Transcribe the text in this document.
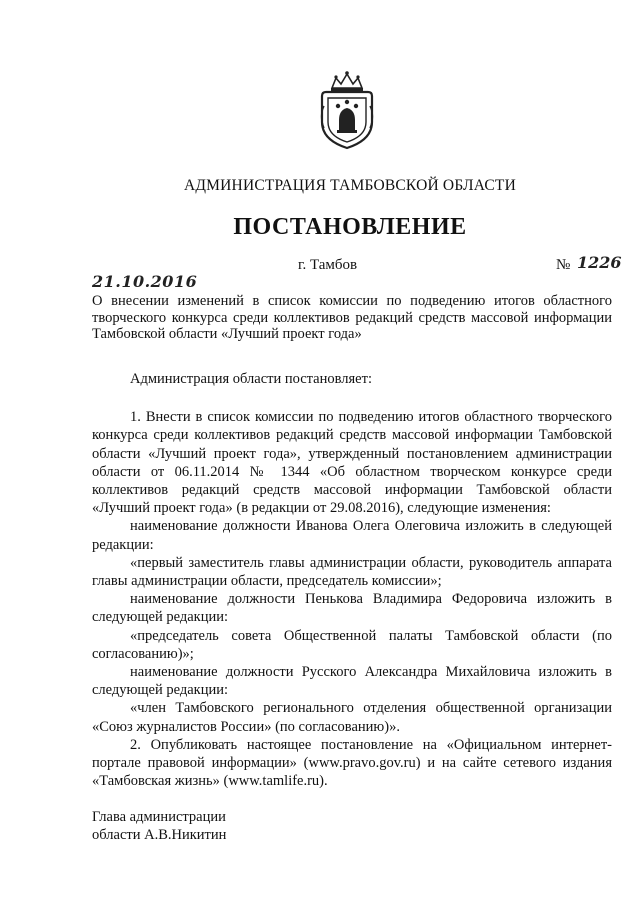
АДМИНИСТРАЦИЯ ТАМБОВСКОЙ ОБЛАСТИ
ПОСТАНОВЛЕНИЕ
г. Тамбов	№ 1226
21.10.2016
О внесении изменений в список комиссии по подведению итогов областного творческого конкурса среди коллективов редакций средств массовой информации Тамбовской области «Лучший проект года»

Администрация области постановляет:

1. Внести в список комиссии по подведению итогов областного творческого конкурса среди коллективов редакций средств массовой информации Тамбовской области «Лучший проект года», утвержденный постановлением администрации области от 06.11.2014 № 1344 «Об областном творческом конкурсе среди коллективов редакций средств массовой информации Тамбовской области «Лучший проект года» (в редакции от 29.08.2016), следующие изменения:

наименование должности Иванова Олега Олеговича изложить в следующей редакции:

«первый заместитель главы администрации области, руководитель аппарата главы администрации области, председатель комиссии»;

наименование должности Пенькова Владимира Федоровича изложить в следующей редакции:

«председатель совета Общественной палаты Тамбовской области (по согласованию)»;

наименование должности Русского Александра Михайловича изложить в следующей редакции:

«член Тамбовского регионального отделения общественной организации «Союз журналистов России» (по согласованию)».

2. Опубликовать настоящее постановление на «Официальном интернет-портале правовой информации» (www.pravo.gov.ru) и на сайте сетевого издания «Тамбовская жизнь» (www.tamlife.ru).

Глава администрации
области А.В.Никитин
